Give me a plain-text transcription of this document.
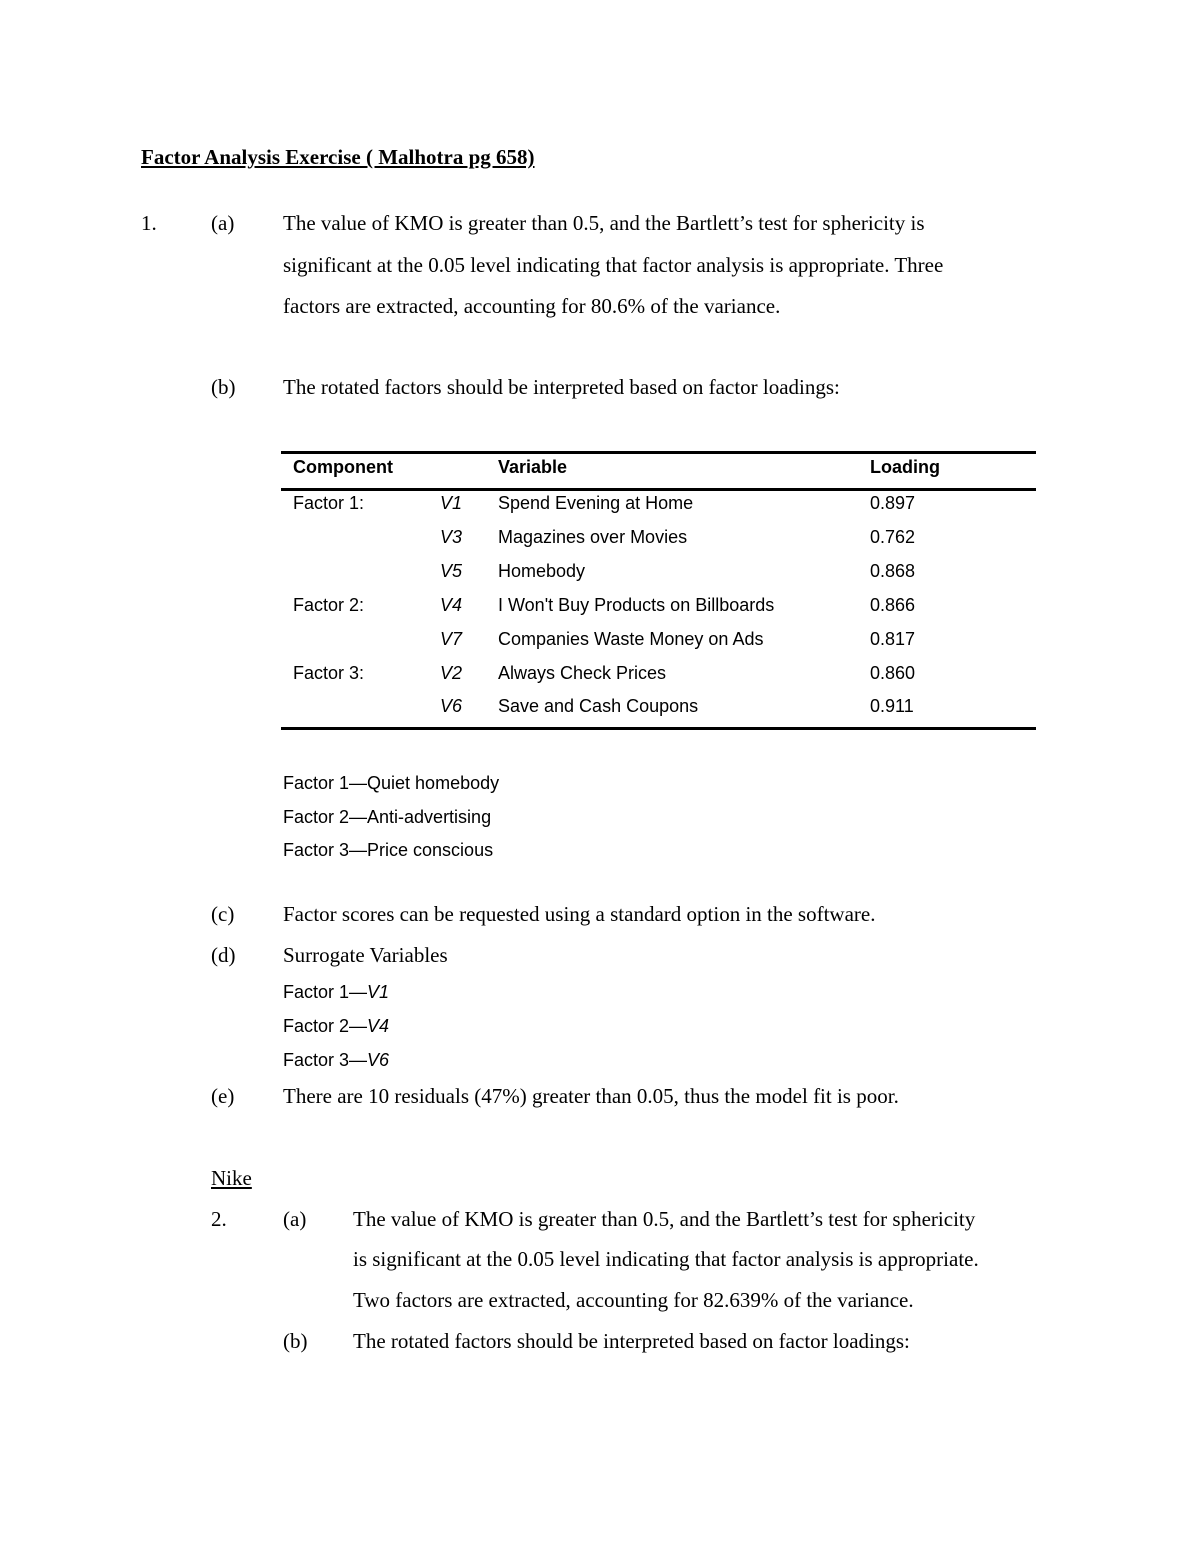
Factor Analysis Exercise ( Malhotra pg 658)
1.	(a) The value of KMO is greater than 0.5, and the Bartlett’s test for sphericity is
significant at the 0.05 level indicating that factor analysis is appropriate. Three
factors are extracted, accounting for 80.6% of the variance.
(b) The rotated factors should be interpreted based on factor loadings:
Component	Variable	Loading
Factor 1:	V1 Spend Evening at Home	0.897
V3 Magazines over Movies	0.762
V5 Homebody	0.868
Factor 2:	V4 I Won't Buy Products on Billboards	0.866
V7 Companies Waste Money on Ads	0.817
Factor 3:	V2 Always Check Prices	0.860
V6 Save and Cash Coupons	0.911
Factor 1—Quiet homebody
Factor 2—Anti-advertising
Factor 3—Price conscious
(c) Factor scores can be requested using a standard option in the software.
(d) Surrogate Variables
Factor 1—V1
Factor 2—V4
Factor 3—V6
(e) There are 10 residuals (47%) greater than 0.05, thus the model fit is poor.
Nike
2.	(a) The value of KMO is greater than 0.5, and the Bartlett’s test for sphericity
is significant at the 0.05 level indicating that factor analysis is appropriate.
Two factors are extracted, accounting for 82.639% of the variance.
(b) The rotated factors should be interpreted based on factor loadings:
